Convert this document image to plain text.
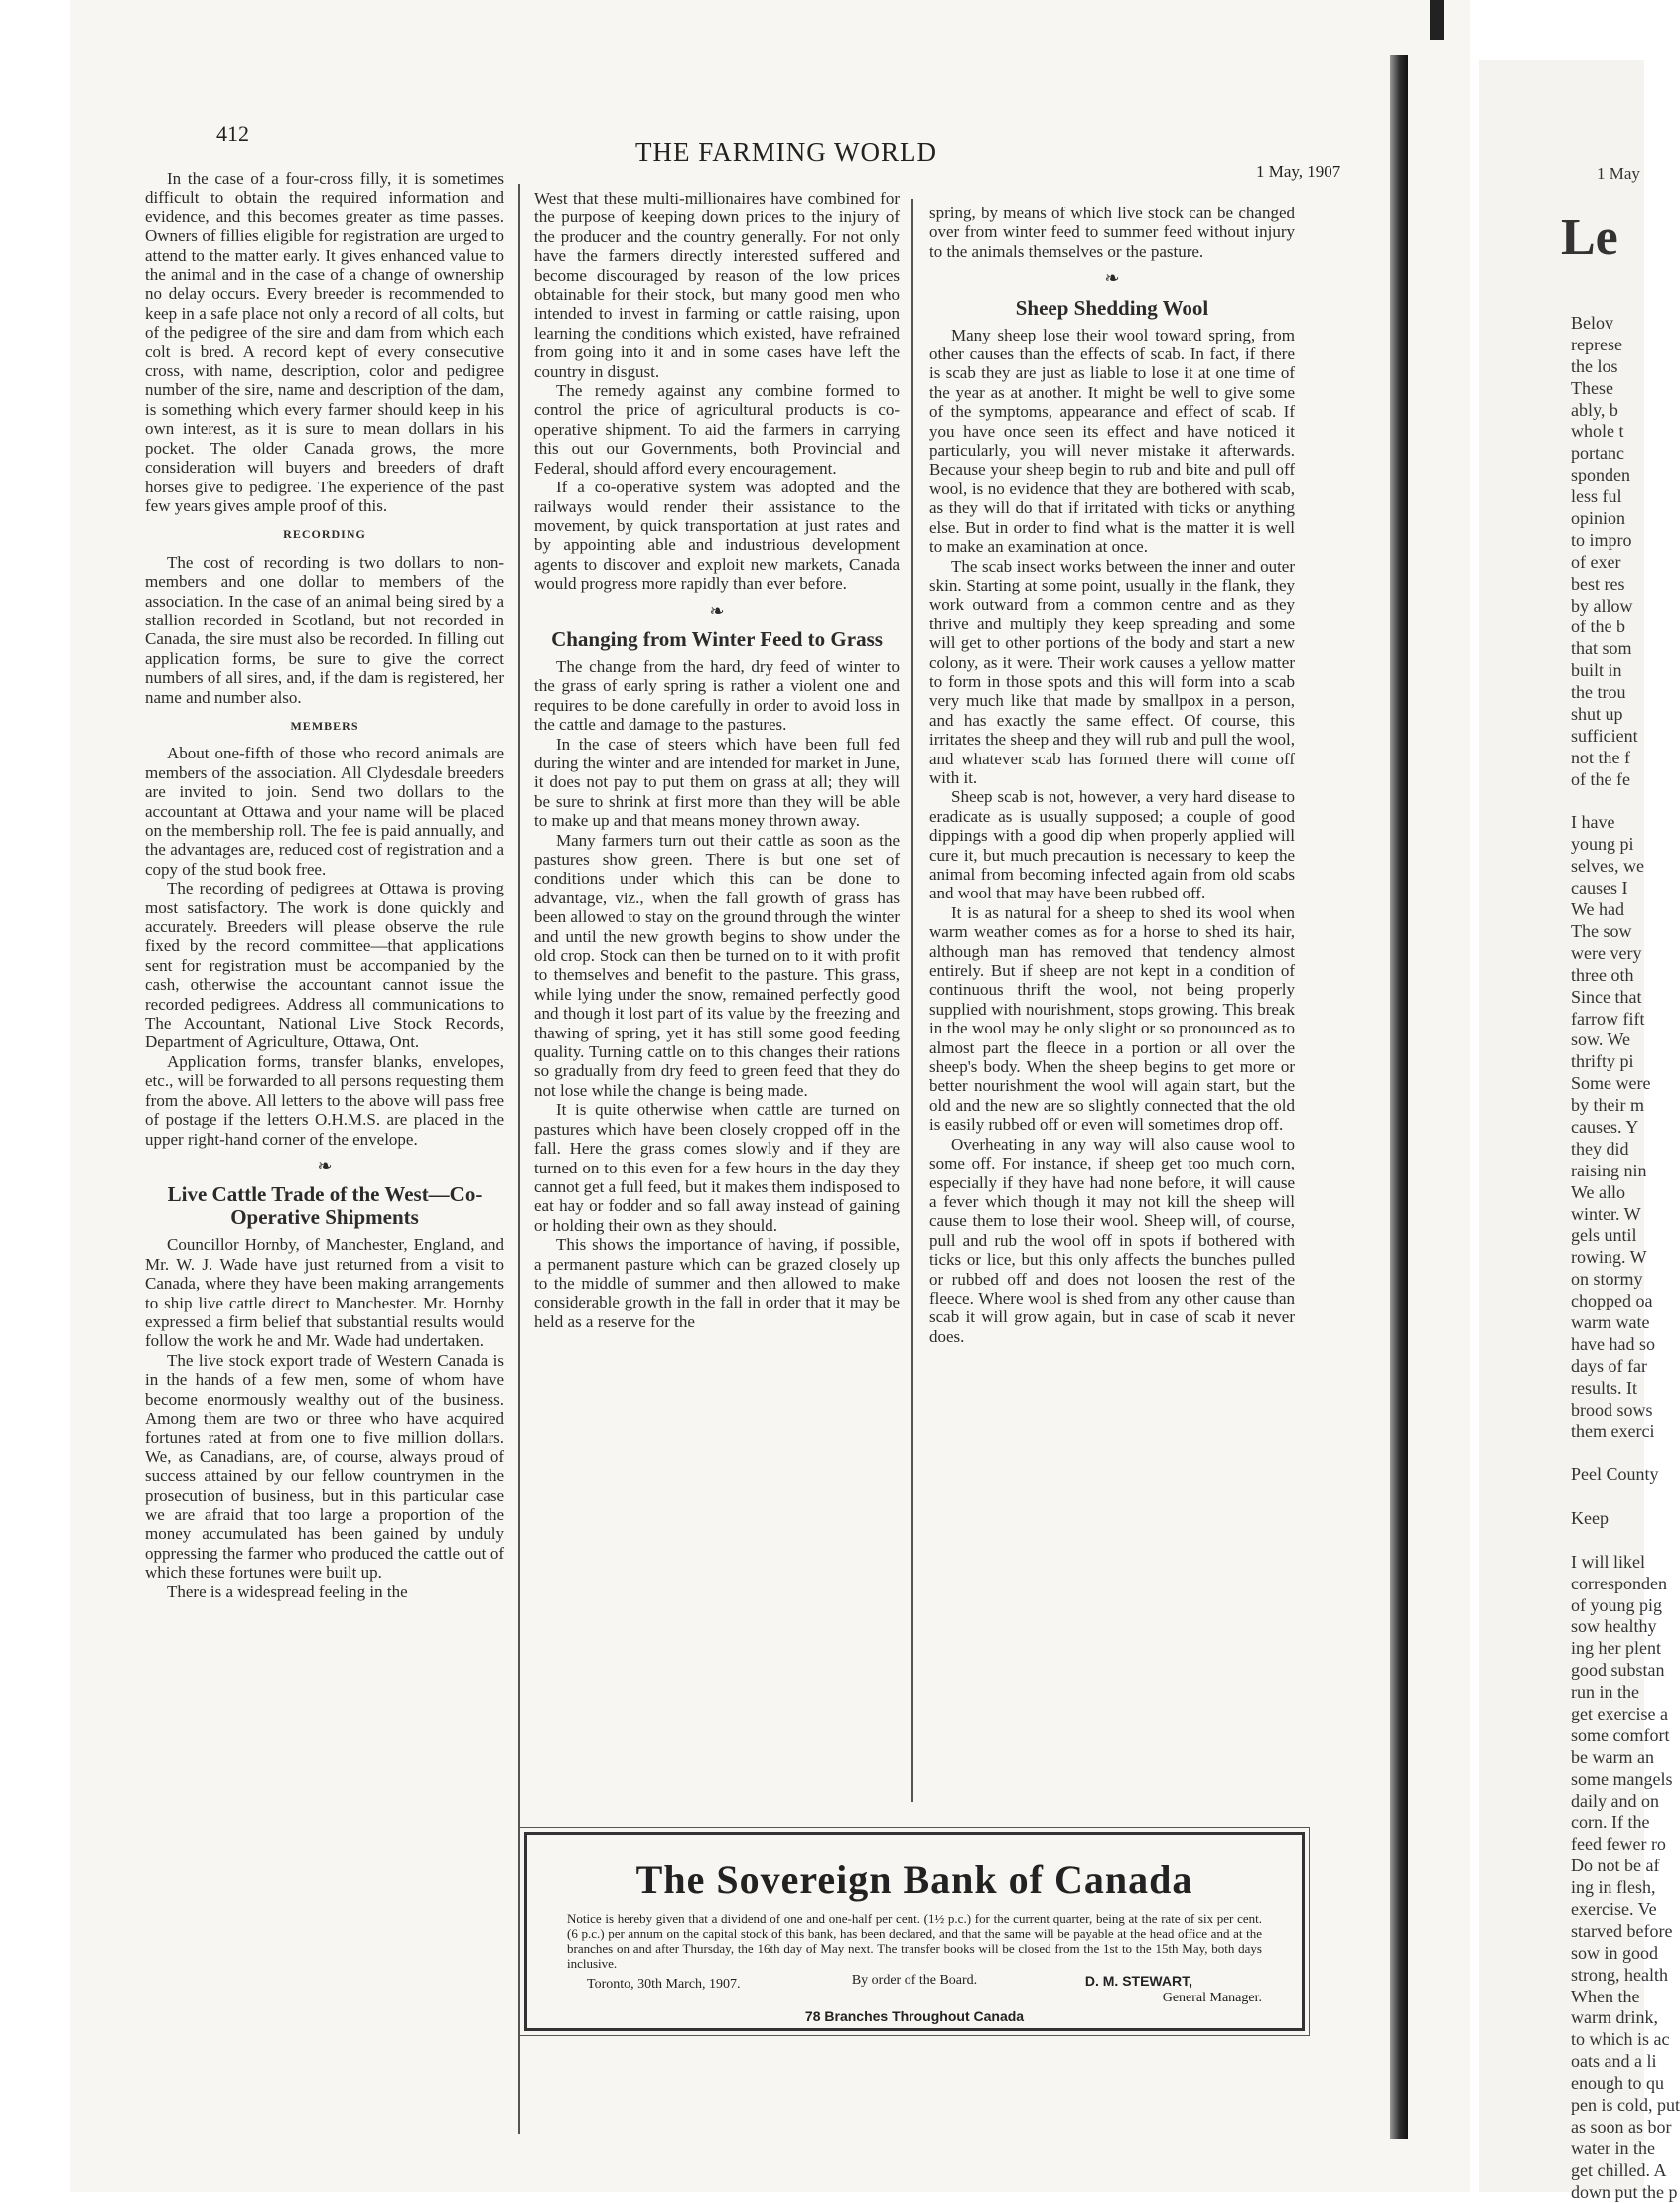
412
THE FARMING WORLD
1 May, 1907

In the case of a four-cross filly, it is sometimes difficult to obtain the required information and evidence, and this becomes greater as time passes. Owners of fillies eligible for registration are urged to attend to the matter early. It gives enhanced value to the animal and in the case of a change of ownership no delay occurs. Every breeder is recommended to keep in a safe place not only a record of all colts, but of the pedigree of the sire and dam from which each colt is bred. A record kept of every consecutive cross, with name, description, color and pedigree number of the sire, name and description of the dam, is something which every farmer should keep in his own interest, as it is sure to mean dollars in his pocket. The older Canada grows, the more consideration will buyers and breeders of draft horses give to pedigree. The experience of the past few years gives ample proof of this.

RECORDING

The cost of recording is two dollars to non-members and one dollar to members of the association. In the case of an animal being sired by a stallion recorded in Scotland, but not recorded in Canada, the sire must also be recorded. In filling out application forms, be sure to give the correct numbers of all sires, and, if the dam is registered, her name and number also.

MEMBERS

About one-fifth of those who record animals are members of the association. All Clydesdale breeders are invited to join. Send two dollars to the accountant at Ottawa and your name will be placed on the membership roll. The fee is paid annually, and the advantages are, reduced cost of registration and a copy of the stud book free.

The recording of pedigrees at Ottawa is proving most satisfactory. The work is done quickly and accurately. Breeders will please observe the rule fixed by the record committee—that applications sent for registration must be accompanied by the cash, otherwise the accountant cannot issue the recorded pedigrees. Address all communications to The Accountant, National Live Stock Records, Department of Agriculture, Ottawa, Ont.

Application forms, transfer blanks, envelopes, etc., will be forwarded to all persons requesting them from the above. All letters to the above will pass free of postage if the letters O.H.M.S. are placed in the upper right-hand corner of the envelope.

❧
Live Cattle Trade of the West—Co-Operative Shipments

Councillor Hornby, of Manchester, England, and Mr. W. J. Wade have just returned from a visit to Canada, where they have been making arrangements to ship live cattle direct to Manchester. Mr. Hornby expressed a firm belief that substantial results would follow the work he and Mr. Wade had undertaken.

The live stock export trade of Western Canada is in the hands of a few men, some of whom have become enormously wealthy out of the business. Among them are two or three who have acquired fortunes rated at from one to five million dollars. We, as Canadians, are, of course, always proud of success attained by our fellow countrymen in the prosecution of business, but in this particular case we are afraid that too large a proportion of the money accumulated has been gained by unduly oppressing the farmer who produced the cattle out of which these fortunes were built up.

There is a widespread feeling in the

West that these multi-millionaires have combined for the purpose of keeping down prices to the injury of the producer and the country generally. For not only have the farmers directly interested suffered and become discouraged by reason of the low prices obtainable for their stock, but many good men who intended to invest in farming or cattle raising, upon learning the conditions which existed, have refrained from going into it and in some cases have left the country in disgust.

The remedy against any combine formed to control the price of agricultural products is co-operative shipment. To aid the farmers in carrying this out our Governments, both Provincial and Federal, should afford every encouragement.

If a co-operative system was adopted and the railways would render their assistance to the movement, by quick transportation at just rates and by appointing able and industrious development agents to discover and exploit new markets, Canada would progress more rapidly than ever before.

❧
Changing from Winter Feed to Grass

The change from the hard, dry feed of winter to the grass of early spring is rather a violent one and requires to be done carefully in order to avoid loss in the cattle and damage to the pastures.

In the case of steers which have been full fed during the winter and are intended for market in June, it does not pay to put them on grass at all; they will be sure to shrink at first more than they will be able to make up and that means money thrown away.

Many farmers turn out their cattle as soon as the pastures show green. There is but one set of conditions under which this can be done to advantage, viz., when the fall growth of grass has been allowed to stay on the ground through the winter and until the new growth begins to show under the old crop. Stock can then be turned on to it with profit to themselves and benefit to the pasture. This grass, while lying under the snow, remained perfectly good and though it lost part of its value by the freezing and thawing of spring, yet it has still some good feeding quality. Turning cattle on to this changes their rations so gradually from dry feed to green feed that they do not lose while the change is being made.

It is quite otherwise when cattle are turned on pastures which have been closely cropped off in the fall. Here the grass comes slowly and if they are turned on to this even for a few hours in the day they cannot get a full feed, but it makes them indisposed to eat hay or fodder and so fall away instead of gaining or holding their own as they should.

This shows the importance of having, if possible, a permanent pasture which can be grazed closely up to the middle of summer and then allowed to make considerable growth in the fall in order that it may be held as a reserve for the

spring, by means of which live stock can be changed over from winter feed to summer feed without injury to the animals themselves or the pasture.

❧
Sheep Shedding Wool

Many sheep lose their wool toward spring, from other causes than the effects of scab. In fact, if there is scab they are just as liable to lose it at one time of the year as at another. It might be well to give some of the symptoms, appearance and effect of scab. If you have once seen its effect and have noticed it particularly, you will never mistake it afterwards. Because your sheep begin to rub and bite and pull off wool, is no evidence that they are bothered with scab, as they will do that if irritated with ticks or anything else. But in order to find what is the matter it is well to make an examination at once.

The scab insect works between the inner and outer skin. Starting at some point, usually in the flank, they work outward from a common centre and as they thrive and multiply they keep spreading and some will get to other portions of the body and start a new colony, as it were. Their work causes a yellow matter to form in those spots and this will form into a scab very much like that made by smallpox in a person, and has exactly the same effect. Of course, this irritates the sheep and they will rub and pull the wool, and whatever scab has formed there will come off with it.

Sheep scab is not, however, a very hard disease to eradicate as is usually supposed; a couple of good dippings with a good dip when properly applied will cure it, but much precaution is necessary to keep the animal from becoming infected again from old scabs and wool that may have been rubbed off.

It is as natural for a sheep to shed its wool when warm weather comes as for a horse to shed its hair, although man has removed that tendency almost entirely. But if sheep are not kept in a condition of continuous thrift the wool, not being properly supplied with nourishment, stops growing. This break in the wool may be only slight or so pronounced as to almost part the fleece in a portion or all over the sheep's body. When the sheep begins to get more or better nourishment the wool will again start, but the old and the new are so slightly connected that the old is easily rubbed off or even will sometimes drop off.

Overheating in any way will also cause wool to some off. For instance, if sheep get too much corn, especially if they have had none before, it will cause a fever which though it may not kill the sheep will cause them to lose their wool. Sheep will, of course, pull and rub the wool off in spots if bothered with ticks or lice, but this only affects the bunches pulled or rubbed off and does not loosen the rest of the fleece. Where wool is shed from any other cause than scab it will grow again, but in case of scab it never does.

The Sovereign Bank of Canada
Notice is hereby given that a dividend of one and one-half per cent. (1½ p.c.) for the current quarter, being at the rate of six per cent. (6 p.c.) per annum on the capital stock of this bank, has been declared, and that the same will be payable at the head office and at the branches on and after Thursday, the 16th day of May next. The transfer books will be closed from the 1st to the 15th May, both days inclusive.
By order of the Board.
Toronto, 30th March, 1907.	D. M. STEWART,
General Manager.
78 Branches Throughout Canada
1 May
Le
Belov
represe
the los
These
ably, b
whole t
portanc
sponden
less ful
opinion
to impro
of exer
best res
by allow
of the b
that som
built in
the trou
shut up
sufficient
not the f
of the fe
I have
young pi
selves, we
causes I
We had
The sow
were very
three oth
Since that
farrow fift
sow. We
thrifty pi
Some were
by their m
causes. Y
they did
raising nin
We allo
winter. W
gels until
rowing. W
on stormy
chopped oa
warm wate
have had so
days of far
results. It
brood sows
them exerci
Peel County
Keep
I will likel
corresponden
of young pig
sow healthy
ing her plent
good substan
run in the
get exercise a
some comfort
be warm an
some mangels
daily and on
corn. If the
feed fewer ro
Do not be af
ing in flesh,
exercise. Ve
starved before
sow in good
strong, health
When the
warm drink,
to which is ac
oats and a li
enough to qu
pen is cold, put
as soon as bor
water in the
get chilled. A
down put the p
